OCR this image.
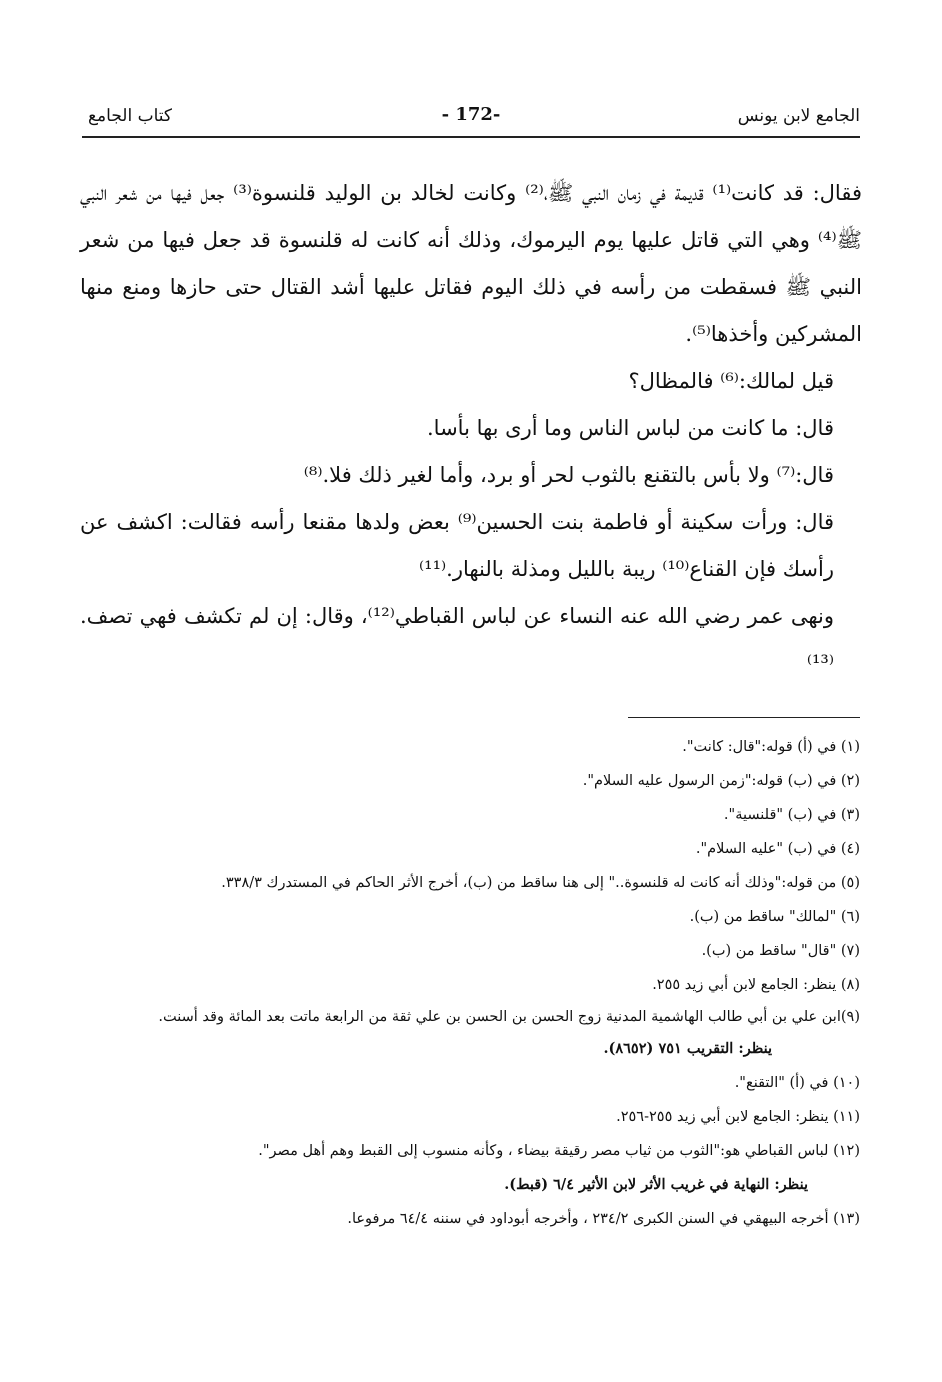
الجامع لابن يونس
-172 -
كتاب الجامع

فقال: قد كانت⁽¹⁾ قديمة في زمان النبي ﷺ،⁽²⁾ وكانت لخالد بن الوليد قلنسوة⁽³⁾ جعل فيها من شعر النبي ﷺ⁽⁴⁾ وهي التي قاتل عليها يوم اليرموك، وذلك أنه كانت له قلنسوة قد جعل فيها من شعر النبي ﷺ فسقطت من رأسه في ذلك اليوم فقاتل عليها أشد القتال حتى حازها ومنع منها المشركين وأخذها⁽⁵⁾.

قيل لمالك:⁽⁶⁾ فالمظال؟

قال: ما كانت من لباس الناس وما أرى بها بأسا.

قال:⁽⁷⁾ ولا بأس بالتقنع بالثوب لحر أو برد، وأما لغير ذلك فلا.⁽⁸⁾

قال: ورأت سكينة أو فاطمة بنت الحسين⁽⁹⁾ بعض ولدها مقنعا رأسه فقالت: اكشف عن رأسك فإن القناع⁽¹⁰⁾ ريبة بالليل ومذلة بالنهار.⁽¹¹⁾

ونهى عمر رضي الله عنه النساء عن لباس القباطي⁽¹²⁾، وقال: إن لم تكشف فهي تصف.⁽¹³⁾

(١) في (أ) قوله:"قال: كانت".

(٢) في (ب) قوله:"زمن الرسول عليه السلام".

(٣) في (ب) "قلنسية".

(٤) في (ب) "عليه السلام".

(٥) من قوله:"وذلك أنه كانت له قلنسوة.." إلى هنا ساقط من (ب)، أخرج الأثر الحاكم في المستدرك ٣٣٨/٣.

(٦) "لمالك" ساقط من (ب).

(٧) "قال" ساقط من (ب).

(٨) ينظر: الجامع لابن أبي زيد ٢٥٥.

(٩)ابن علي بن أبي طالب الهاشمية المدنية زوج الحسن بن الحسن بن علي ثقة من الرابعة ماتت بعد المائة وقد أسنت.

ينظر: التقريب ٧٥١ (٨٦٥٢).

(١٠) في (أ) "التقنع".

(١١) ينظر: الجامع لابن أبي زيد ٢٥٥-٢٥٦.

(١٢) لباس القباطي هو:"الثوب من ثياب مصر رقيقة بيضاء ، وكأنه منسوب إلى القبط وهم أهل مصر".

ينظر: النهاية في غريب الأثر لابن الأثير ٦/٤ (قبط).

(١٣) أخرجه البيهقي في السنن الكبرى ٢٣٤/٢ ، وأخرجه أبوداود في سننه ٦٤/٤ مرفوعا.
